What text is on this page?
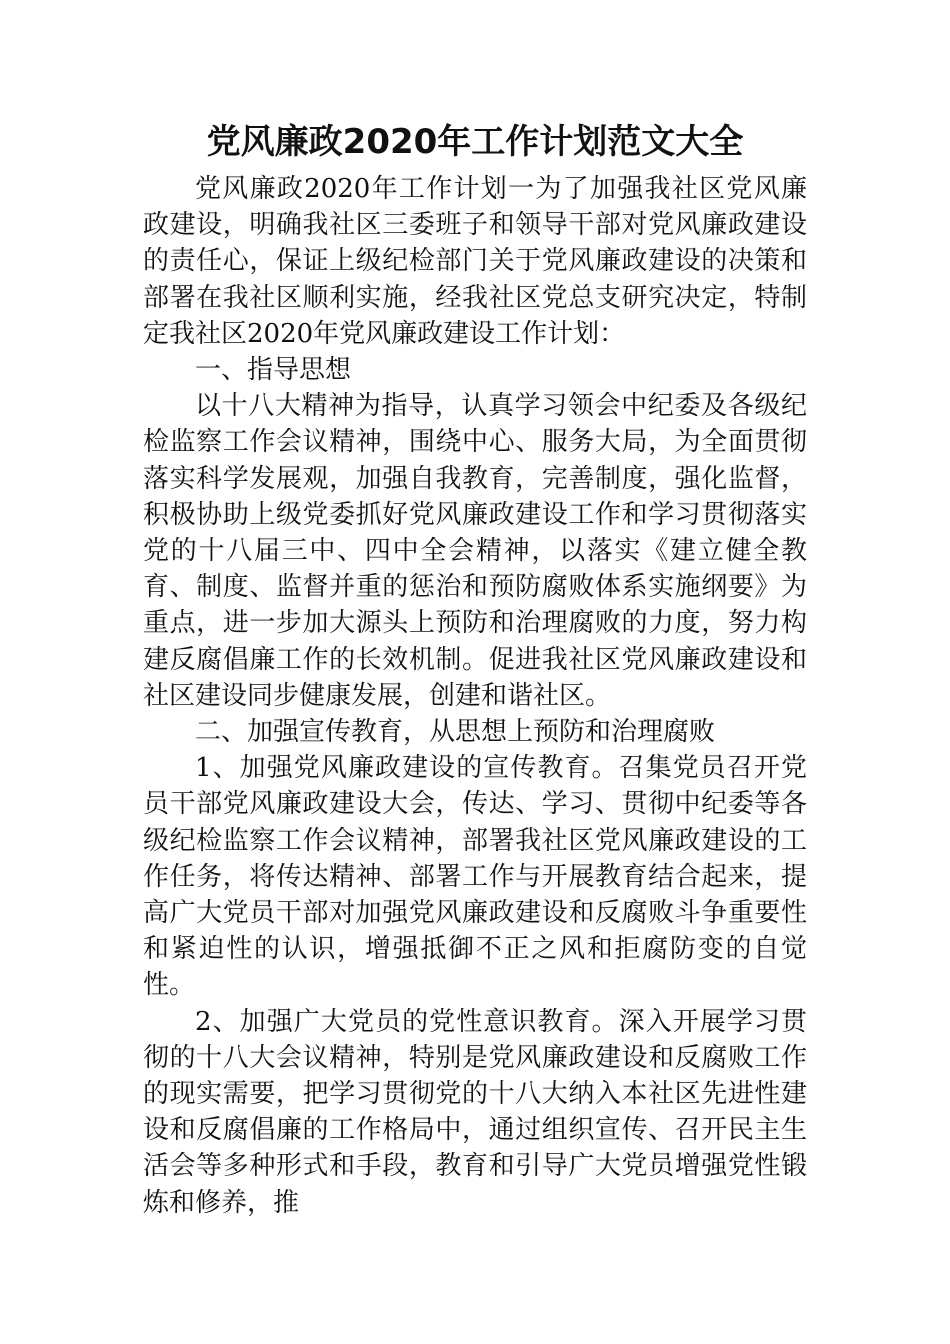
党风廉政2020年工作计划范文大全

党风廉政2020年工作计划一为了加强我社区党风廉政建设，明确我社区三委班子和领导干部对党风廉政建设的责任心，保证上级纪检部门关于党风廉政建设的决策和部署在我社区顺利实施，经我社区党总支研究决定，特制定我社区2020年党风廉政建设工作计划：

一、指导思想

以十八大精神为指导，认真学习领会中纪委及各级纪检监察工作会议精神，围绕中心、服务大局，为全面贯彻落实科学发展观，加强自我教育，完善制度，强化监督，积极协助上级党委抓好党风廉政建设工作和学习贯彻落实党的十八届三中、四中全会精神，以落实《建立健全教育、制度、监督并重的惩治和预防腐败体系实施纲要》为重点，进一步加大源头上预防和治理腐败的力度，努力构建反腐倡廉工作的长效机制。促进我社区党风廉政建设和社区建设同步健康发展，创建和谐社区。

二、加强宣传教育，从思想上预防和治理腐败

1、加强党风廉政建设的宣传教育。召集党员召开党员干部党风廉政建设大会，传达、学习、贯彻中纪委等各级纪检监察工作会议精神，部署我社区党风廉政建设的工作任务，将传达精神、部署工作与开展教育结合起来，提高广大党员干部对加强党风廉政建设和反腐败斗争重要性和紧迫性的认识，增强抵御不正之风和拒腐防变的自觉性。

2、加强广大党员的党性意识教育。深入开展学习贯彻的十八大会议精神，特别是党风廉政建设和反腐败工作的现实需要，把学习贯彻党的十八大纳入本社区先进性建设和反腐倡廉的工作格局中，通过组织宣传、召开民主生活会等多种形式和手段，教育和引导广大党员增强党性锻炼和修养，推
